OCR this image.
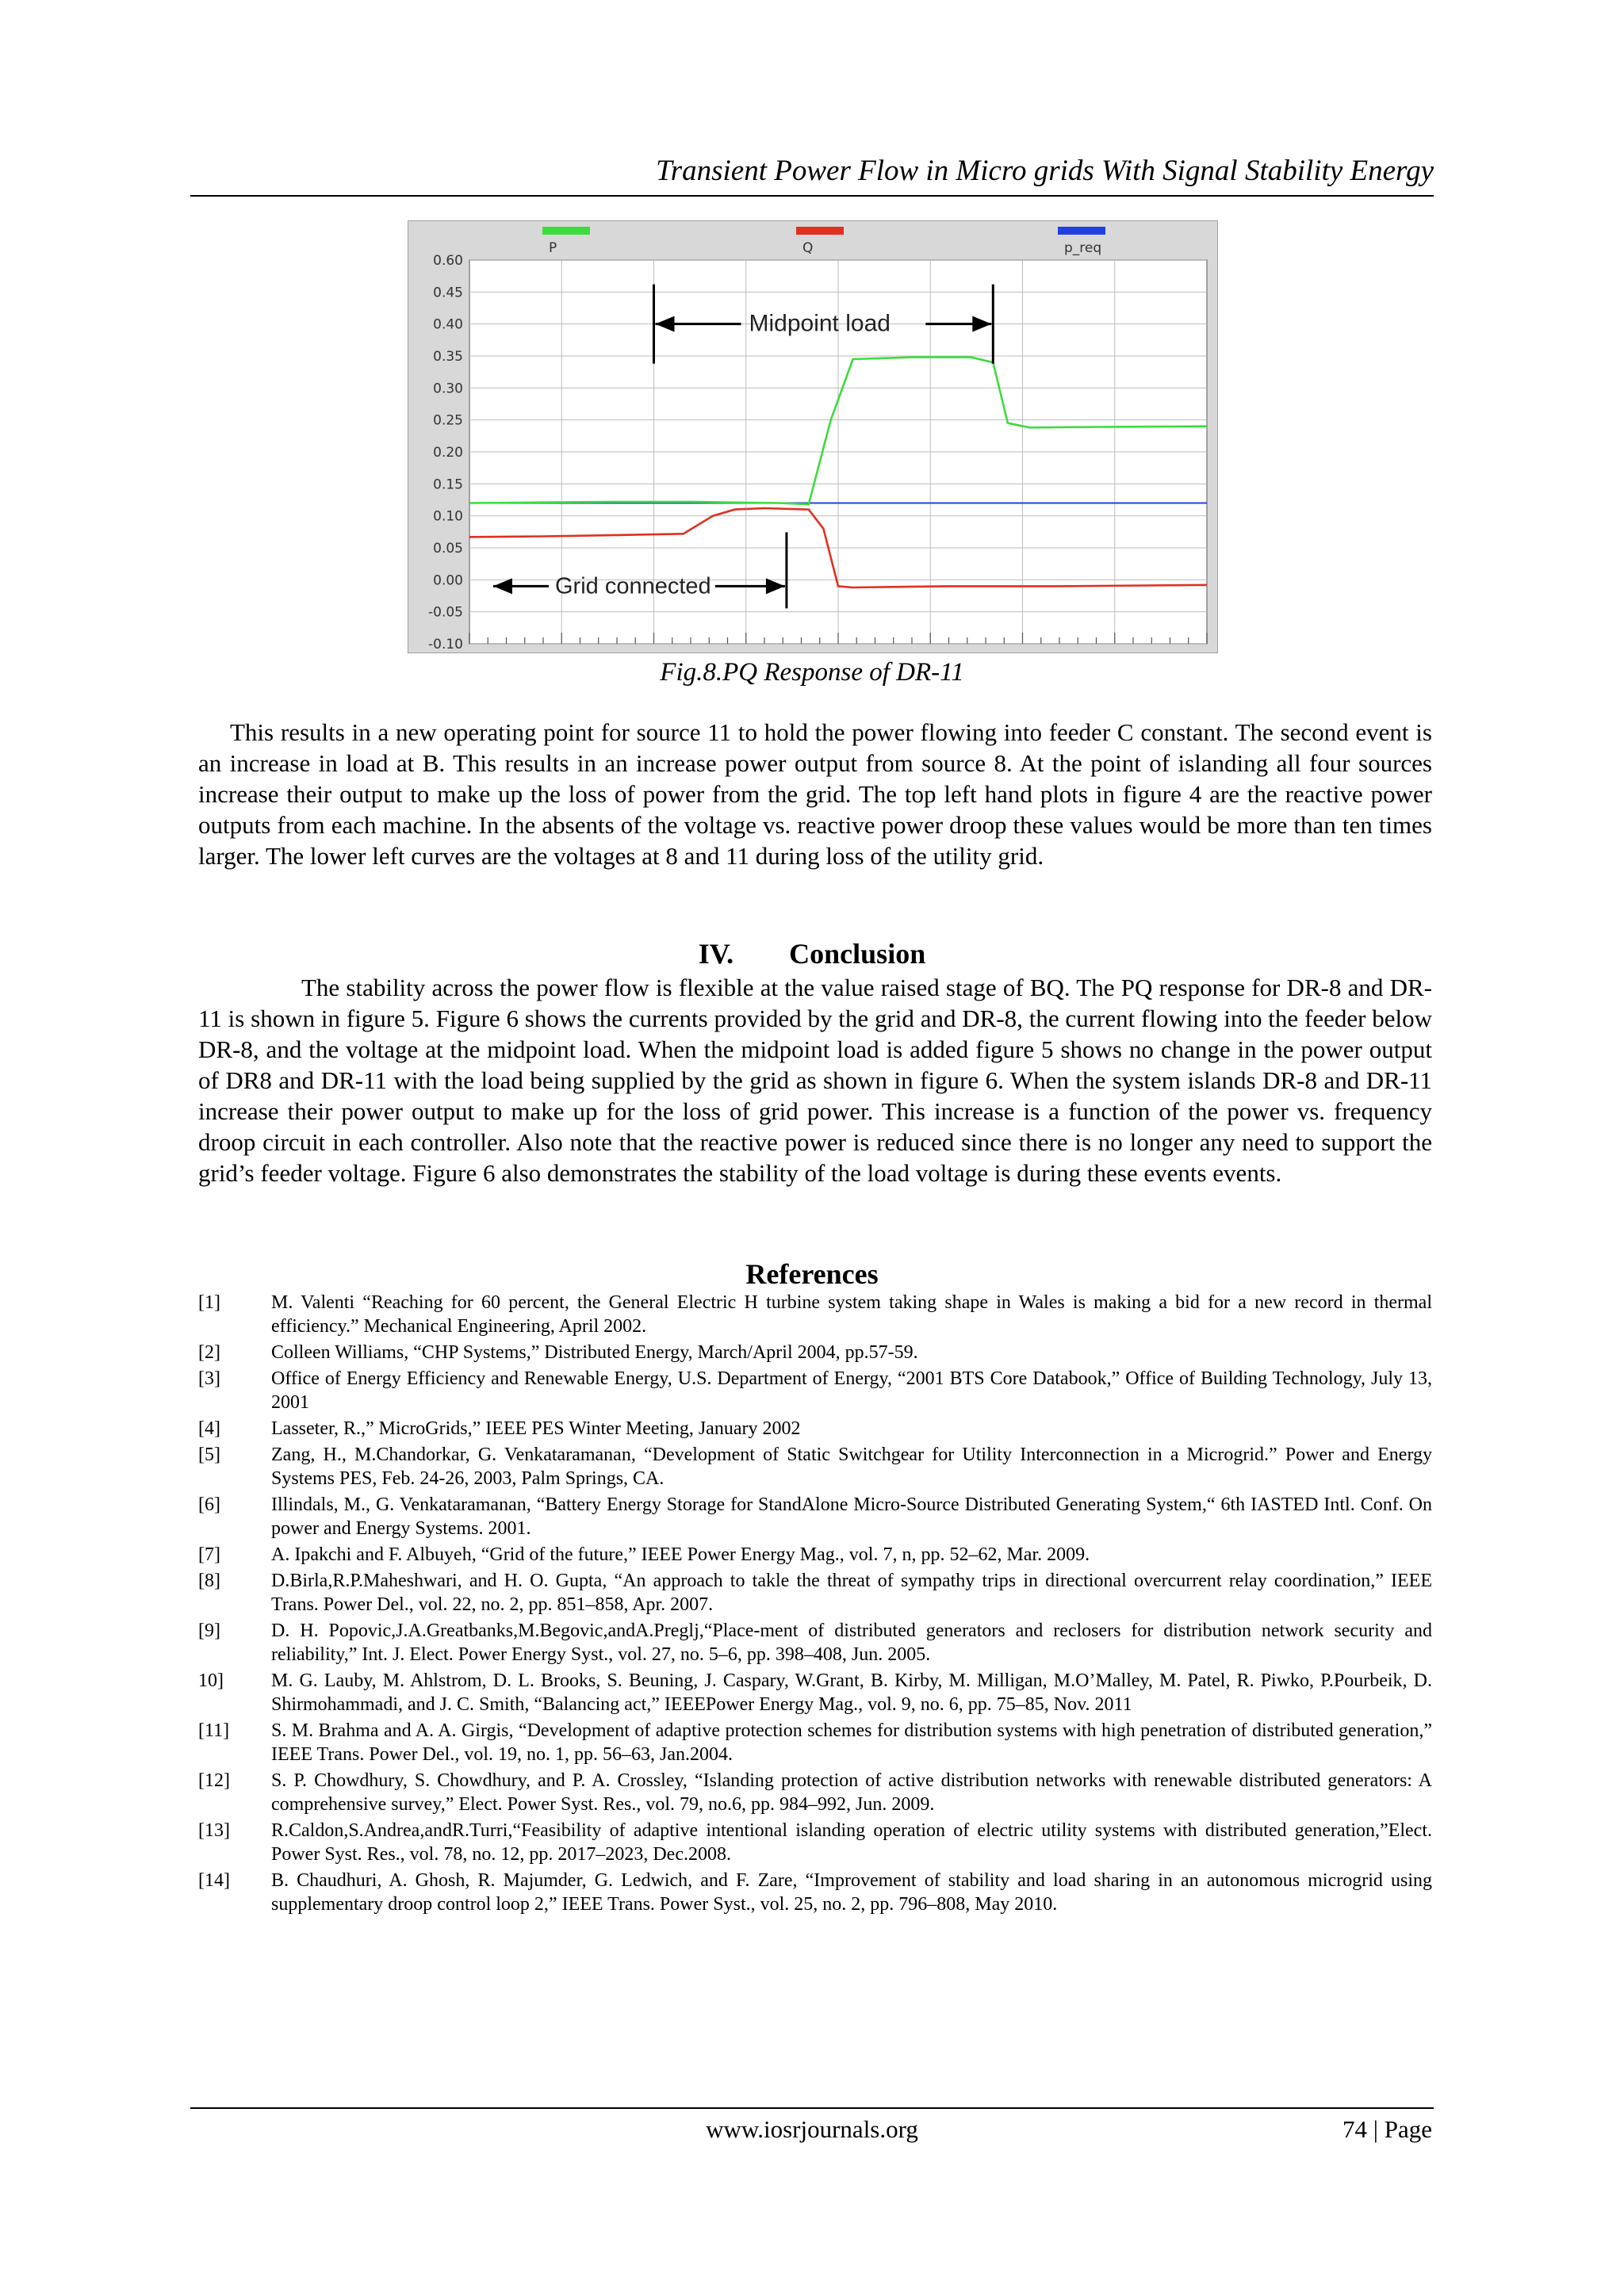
Transient Power Flow in Micro grids With Signal Stability Energy
0.60
0.45
0.40
0.35
0.30
0.25
0.20
0.15
0.10
0.05
0.00
-0.05
-0.10
P	Q	p_req
Midpoint load
Grid connected
Fig.8.PQ Response of DR-11

This results in a new operating point for source 11 to hold the power flowing into feeder C constant. The second event is an increase in load at B. This results in an increase power output from source 8. At the point of islanding all four sources increase their output to make up the loss of power from the grid. The top left hand plots in figure 4 are the reactive power outputs from each machine. In the absents of the voltage vs. reactive power droop these values would be more than ten times larger. The lower left curves are the voltages at 8 and 11 during loss of the utility grid.

IV. Conclusion

The stability across the power flow is flexible at the value raised stage of BQ. The PQ response for DR-8 and DR-11 is shown in figure 5. Figure 6 shows the currents provided by the grid and DR-8, the current flowing into the feeder below DR-8, and the voltage at the midpoint load. When the midpoint load is added figure 5 shows no change in the power output of DR8 and DR-11 with the load being supplied by the grid as shown in figure 6. When the system islands DR-8 and DR-11 increase their power output to make up for the loss of grid power. This increase is a function of the power vs. frequency droop circuit in each controller. Also note that the reactive power is reduced since there is no longer any need to support the grid’s feeder voltage. Figure 6 also demonstrates the stability of the load voltage is during these events events.

References
[1]	M. Valenti “Reaching for 60 percent, the General Electric H turbine system taking shape in Wales is making a bid for a new record in thermal efficiency.” Mechanical Engineering, April 2002.
[2]	Colleen Williams, “CHP Systems,” Distributed Energy, March/April 2004, pp.57-59.
[3]	Office of Energy Efficiency and Renewable Energy, U.S. Department of Energy, “2001 BTS Core Databook,” Office of Building Technology, July 13, 2001
[4]	Lasseter, R.,” MicroGrids,” IEEE PES Winter Meeting, January 2002
[5]	Zang, H., M.Chandorkar, G. Venkataramanan, “Development of Static Switchgear for Utility Interconnection in a Microgrid.” Power and Energy Systems PES, Feb. 24-26, 2003, Palm Springs, CA.
[6]	Illindals, M., G. Venkataramanan, “Battery Energy Storage for StandAlone Micro-Source Distributed Generating System,“ 6th IASTED Intl. Conf. On power and Energy Systems. 2001.
[7]	A. Ipakchi and F. Albuyeh, “Grid of the future,” IEEE Power Energy Mag., vol. 7, n, pp. 52–62, Mar. 2009.
[8]	D.Birla,R.P.Maheshwari, and H. O. Gupta, “An approach to takle the threat of sympathy trips in directional overcurrent relay coordination,” IEEE Trans. Power Del., vol. 22, no. 2, pp. 851–858, Apr. 2007.
[9]	D. H. Popovic,J.A.Greatbanks,M.Begovic,andA.Preglj,“Place-ment of distributed generators and reclosers for distribution network security and reliability,” Int. J. Elect. Power Energy Syst., vol. 27, no. 5–6, pp. 398–408, Jun. 2005.
10]	M. G. Lauby, M. Ahlstrom, D. L. Brooks, S. Beuning, J. Caspary, W.Grant, B. Kirby, M. Milligan, M.O’Malley, M. Patel, R. Piwko, P.Pourbeik, D. Shirmohammadi, and J. C. Smith, “Balancing act,” IEEEPower Energy Mag., vol. 9, no. 6, pp. 75–85, Nov. 2011
[11]	S. M. Brahma and A. A. Girgis, “Development of adaptive protection schemes for distribution systems with high penetration of distributed generation,” IEEE Trans. Power Del., vol. 19, no. 1, pp. 56–63, Jan.2004.
[12]	S. P. Chowdhury, S. Chowdhury, and P. A. Crossley, “Islanding protection of active distribution networks with renewable distributed generators: A comprehensive survey,” Elect. Power Syst. Res., vol. 79, no.6, pp. 984–992, Jun. 2009.
[13]	R.Caldon,S.Andrea,andR.Turri,“Feasibility of adaptive intentional islanding operation of electric utility systems with distributed generation,”Elect. Power Syst. Res., vol. 78, no. 12, pp. 2017–2023, Dec.2008.
[14]	B. Chaudhuri, A. Ghosh, R. Majumder, G. Ledwich, and F. Zare, “Improvement of stability and load sharing in an autonomous microgrid using supplementary droop control loop 2,” IEEE Trans. Power Syst., vol. 25, no. 2, pp. 796–808, May 2010.
www.iosrjournals.org	74 | Page
